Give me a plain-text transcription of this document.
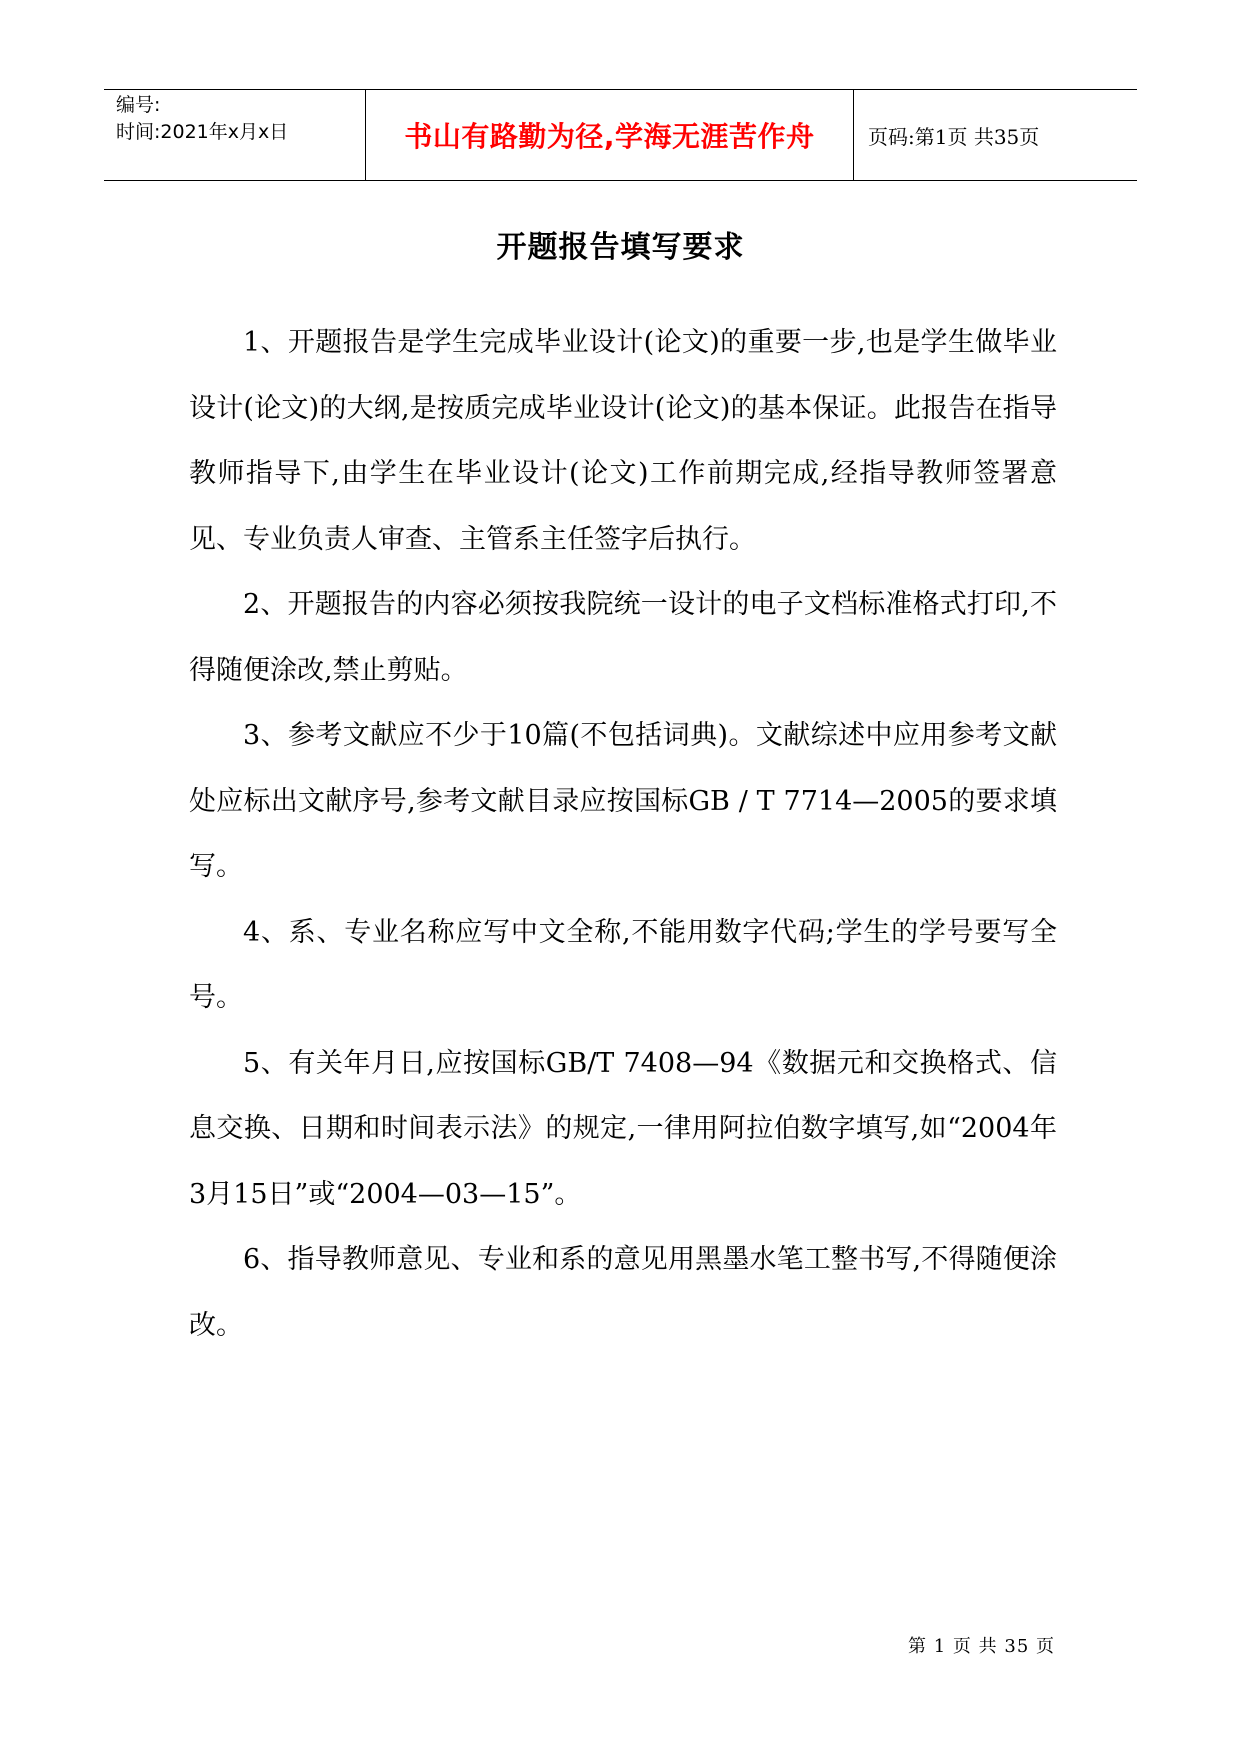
编号:
时间:2021年x月x日	书山有路勤为径,学海无涯苦作舟	页码:第1页 共35页
开题报告填写要求

1、开题报告是学生完成毕业设计(论文)的重要一步,也是学生做毕业设计(论文)的大纲,是按质完成毕业设计(论文)的基本保证。此报告在指导教师指导下,由学生在毕业设计(论文)工作前期完成,经指导教师签署意见、专业负责人审查、主管系主任签字后执行。

2、开题报告的内容必须按我院统一设计的电子文档标准格式打印,不得随便涂改,禁止剪贴。

3、参考文献应不少于10篇(不包括词典)。文献综述中应用参考文献处应标出文献序号,参考文献目录应按国标GB / T 7714—2005的要求填写。

4、系、专业名称应写中文全称,不能用数字代码;学生的学号要写全号。

5、有关年月日,应按国标GB/T 7408—94《数据元和交换格式、信息交换、日期和时间表示法》的规定,一律用阿拉伯数字填写,如“2004年3月15日”或“2004—03—15”。

6、指导教师意见、专业和系的意见用黑墨水笔工整书写,不得随便涂改。

第 1 页 共 35 页
